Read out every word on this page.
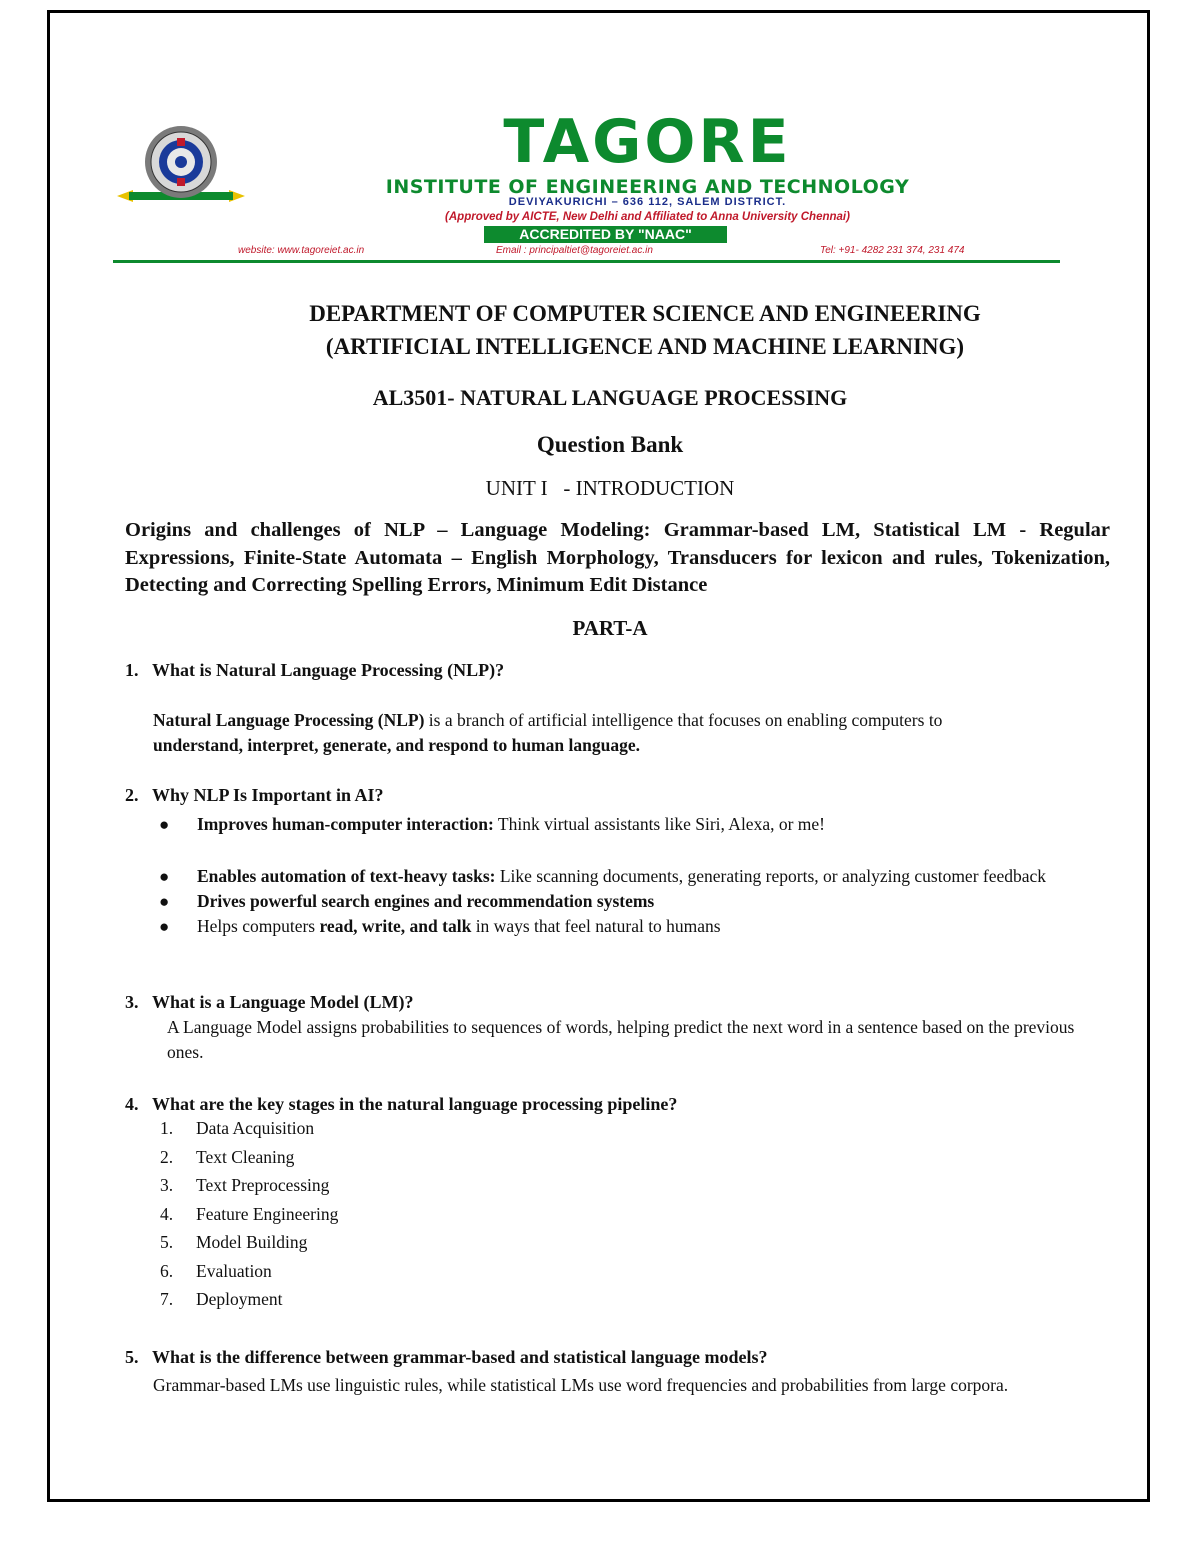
TAGORE
INSTITUTE OF ENGINEERING AND TECHNOLOGY
DEVIYAKURICHI – 636 112, SALEM DISTRICT.
(Approved by AICTE, New Delhi and Affiliated to Anna University Chennai)
ACCREDITED BY "NAAC"
website: www.tagoreiet.ac.in	Email : principaltiet@tagoreiet.ac.in	Tel: +91- 4282 231 374, 231 474
DEPARTMENT OF COMPUTER SCIENCE AND ENGINEERING
(ARTIFICIAL INTELLIGENCE AND MACHINE LEARNING)
AL3501- NATURAL LANGUAGE PROCESSING
Question Bank
UNIT I   - INTRODUCTION
Origins and challenges of NLP – Language Modeling: Grammar-based LM, Statistical LM - Regular Expressions, Finite-State Automata – English Morphology, Transducers for lexicon and rules, Tokenization, Detecting and Correcting Spelling Errors, Minimum Edit Distance
PART-A
1. What is Natural Language Processing (NLP)?
Natural Language Processing (NLP) is a branch of artificial intelligence that focuses on enabling computers to understand, interpret, generate, and respond to human language.
2. Why NLP Is Important in AI?
● Improves human-computer interaction: Think virtual assistants like Siri, Alexa, or me!
● Enables automation of text-heavy tasks: Like scanning documents, generating reports, or analyzing customer feedback
● Drives powerful search engines and recommendation systems
● Helps computers read, write, and talk in ways that feel natural to humans
3. What is a Language Model (LM)?
A Language Model assigns probabilities to sequences of words, helping predict the next word in a sentence based on the previous ones.
4. What are the key stages in the natural language processing pipeline?
1. Data Acquisition
2. Text Cleaning
3. Text Preprocessing
4. Feature Engineering
5. Model Building
6. Evaluation
7. Deployment
5. What is the difference between grammar-based and statistical language models?
Grammar-based LMs use linguistic rules, while statistical LMs use word frequencies and probabilities from large corpora.
